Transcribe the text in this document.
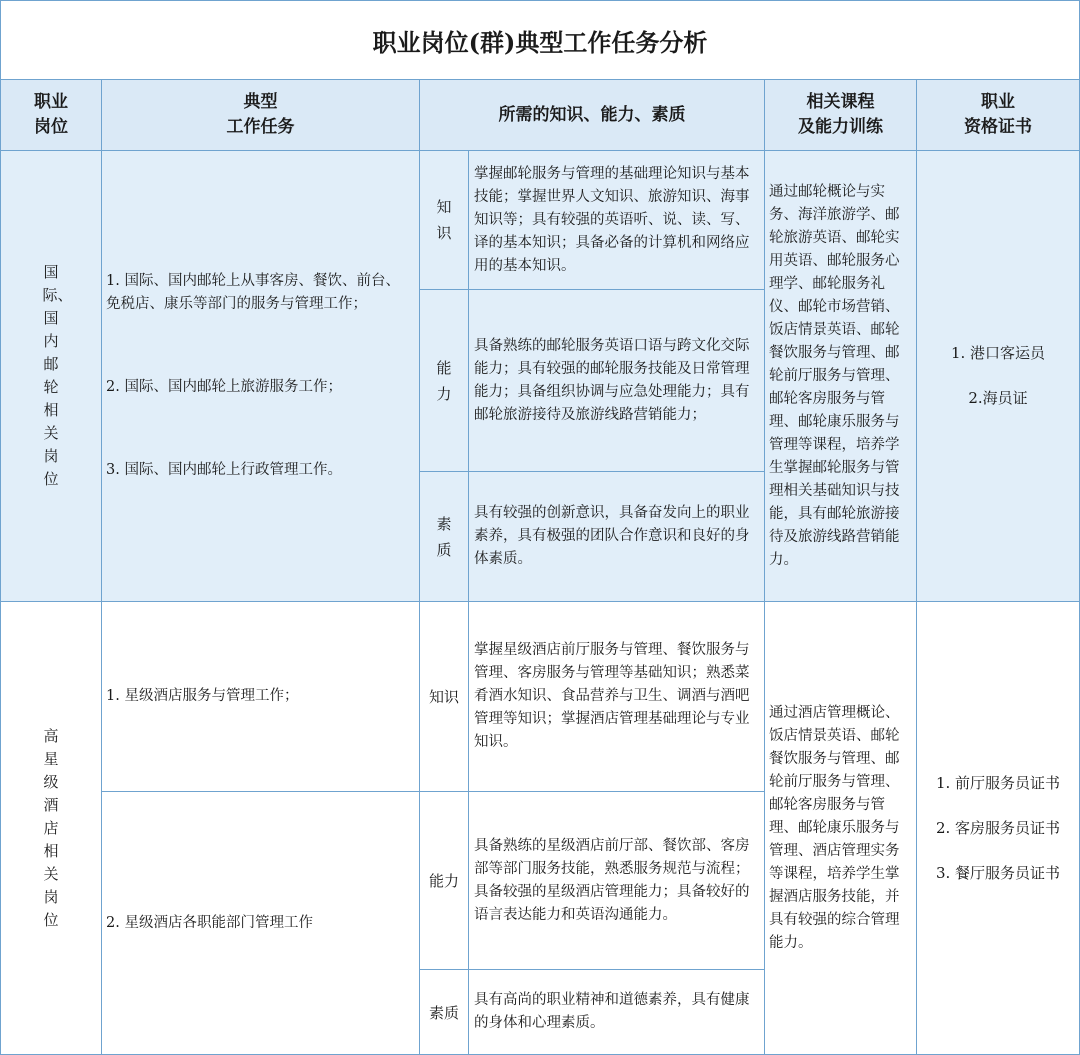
职业岗位(群)典型工作任务分析
职业
岗位
典型
工作任务
所需的知识、能力、素质
相关课程
及能力训练
职业
资格证书
国际、国内邮轮相关岗位
1. 国际、国内邮轮上从事客房、餐饮、前台、　免税店、康乐等部门的服务与管理工作；
2. 国际、国内邮轮上旅游服务工作；
3. 国际、国内邮轮上行政管理工作。
知识
掌握邮轮服务与管理的基础理论知识与基本技能；掌握世界人文知识、旅游知识、海事知识等；具有较强的英语听、说、读、写、译的基本知识；具备必备的计算机和网络应用的基本知识。
能力
具备熟练的邮轮服务英语口语与跨文化交际能力；具有较强的邮轮服务技能及日常管理能力；具备组织协调与应急处理能力；具有邮轮旅游接待及旅游线路营销能力；
素质
具有较强的创新意识，具备奋发向上的职业素养，具有极强的团队合作意识和良好的身体素质。
通过邮轮概论与实务、海洋旅游学、邮轮旅游英语、邮轮实用英语、邮轮服务心理学、邮轮服务礼仪、邮轮市场营销、饭店情景英语、邮轮餐饮服务与管理、邮轮前厅服务与管理、邮轮客房服务与管理、邮轮康乐服务与管理等课程，培养学生掌握邮轮服务与管理相关基础知识与技能，具有邮轮旅游接待及旅游线路营销能力。
1. 港口客运员
2.海员证
高星级酒店相关岗位
1. 星级酒店服务与管理工作；
2. 星级酒店各职能部门管理工作
知识
掌握星级酒店前厅服务与管理、餐饮服务与管理、客房服务与管理等基础知识；熟悉菜肴酒水知识、食品营养与卫生、调酒与酒吧管理等知识；掌握酒店管理基础理论与专业知识。
能力
具备熟练的星级酒店前厅部、餐饮部、客房部等部门服务技能，熟悉服务规范与流程；具备较强的星级酒店管理能力；具备较好的语言表达能力和英语沟通能力。
素质
具有高尚的职业精神和道德素养，具有健康的身体和心理素质。
通过酒店管理概论、饭店情景英语、邮轮餐饮服务与管理、邮轮前厅服务与管理、邮轮客房服务与管理、邮轮康乐服务与管理、酒店管理实务等课程，培养学生掌握酒店服务技能，并具有较强的综合管理能力。
1. 前厅服务员证书
2. 客房服务员证书
3. 餐厅服务员证书
